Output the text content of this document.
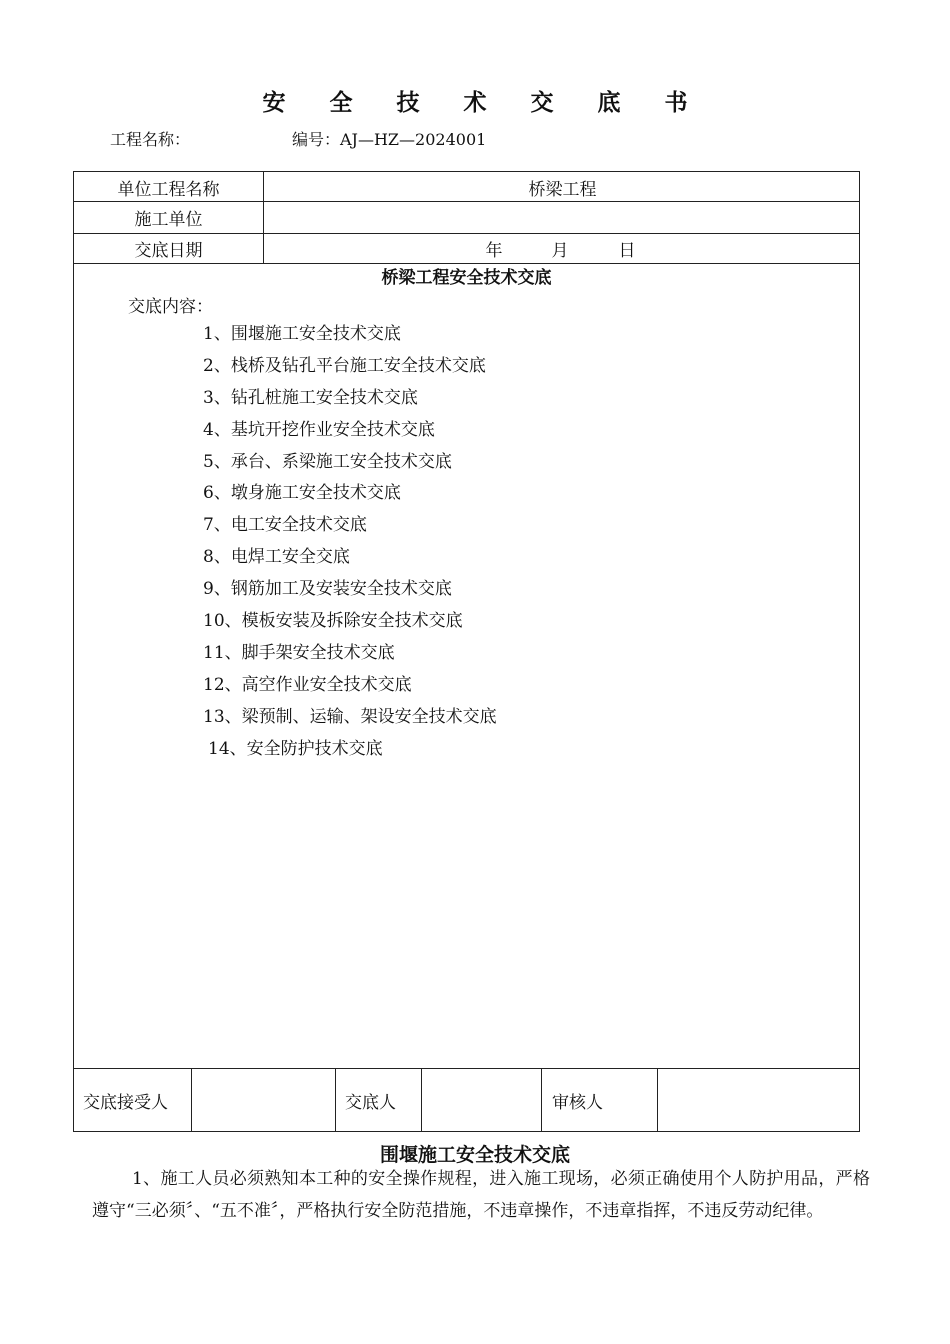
安 全 技 术 交 底 书
工程名称：	编号：AJ—HZ—2024001
单位工程名称	桥梁工程
施工单位
交底日期	年	月	日
桥梁工程安全技术交底
交底内容：
1、围堰施工安全技术交底
2、栈桥及钻孔平台施工安全技术交底
3、钻孔桩施工安全技术交底
4、基坑开挖作业安全技术交底
5、承台、系梁施工安全技术交底
6、墩身施工安全技术交底
7、电工安全技术交底
8、电焊工安全交底
9、钢筋加工及安装安全技术交底
10、模板安装及拆除安全技术交底
11、脚手架安全技术交底
12、高空作业安全技术交底
13、梁预制、运输、架设安全技术交底
14、安全防护技术交底
交底接受人	交底人	审核人
围堰施工安全技术交底

1、施工人员必须熟知本工种的安全操作规程，进入施工现场，必须正确使用个人防护用品，严格遵守“三必须〞、“五不准〞，严格执行安全防范措施，不违章操作，不违章指挥，不违反劳动纪律。
